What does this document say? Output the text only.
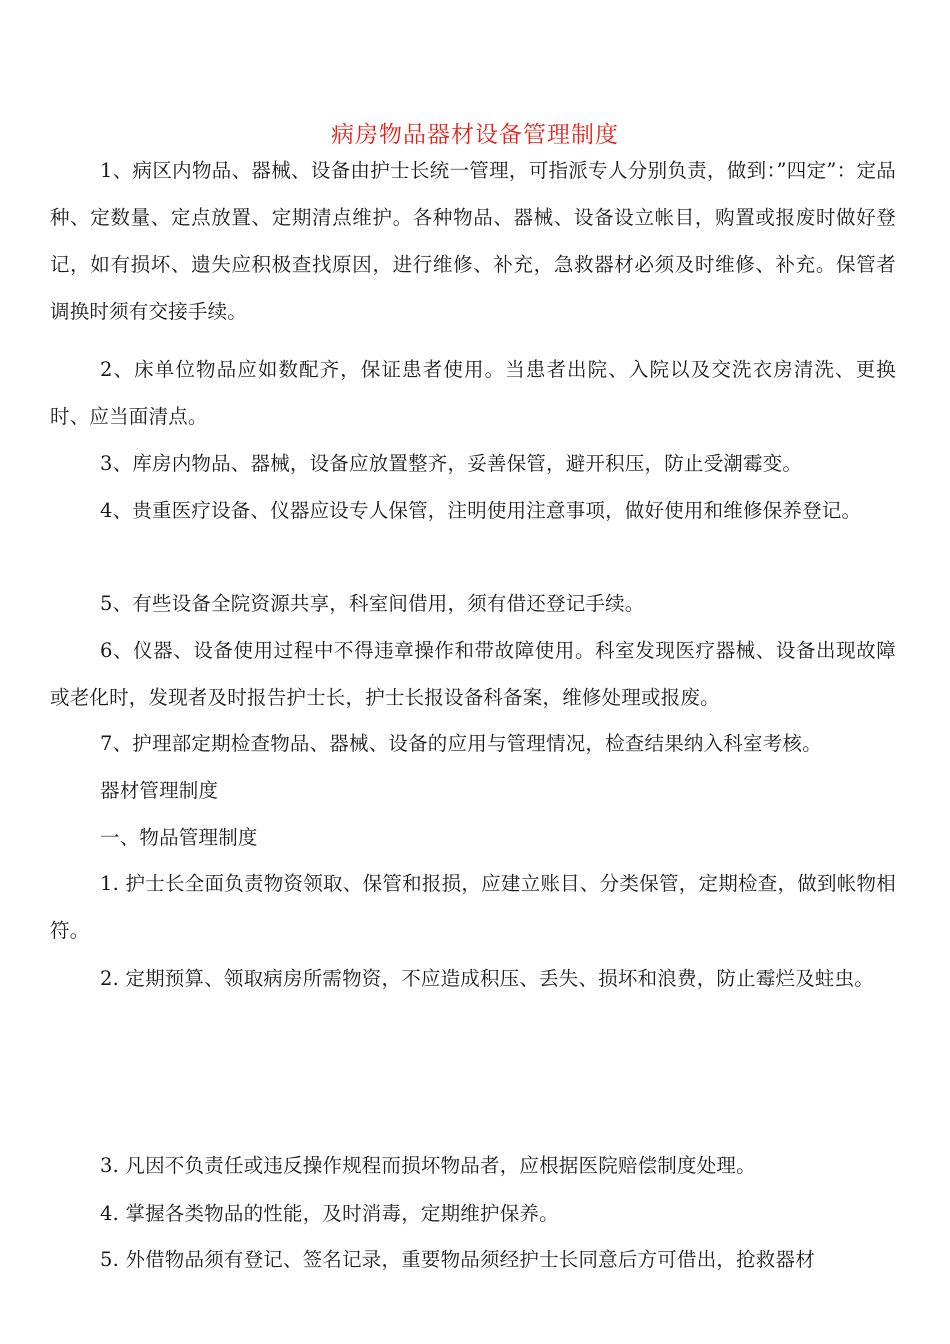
病房物品器材设备管理制度
1、病区内物品、器械、设备由护士长统一管理，可指派专人分别负责，做到：”四定”：定品种、定数量、定点放置、定期清点维护。各种物品、器械、设备设立帐目，购置或报废时做好登记，如有损坏、遗失应积极查找原因，进行维修、补充，急救器材必须及时维修、补充。保管者调换时须有交接手续。
2、床单位物品应如数配齐，保证患者使用。当患者出院、入院以及交洗衣房清洗、更换时、应当面清点。
3、库房内物品、器械，设备应放置整齐，妥善保管，避开积压，防止受潮霉变。
4、贵重医疗设备、仪器应设专人保管，注明使用注意事项，做好使用和维修保养登记。
5、有些设备全院资源共享，科室间借用，须有借还登记手续。
6、仪器、设备使用过程中不得违章操作和带故障使用。科室发现医疗器械、设备出现故障或老化时，发现者及时报告护士长，护士长报设备科备案，维修处理或报废。
7、护理部定期检查物品、器械、设备的应用与管理情况，检查结果纳入科室考核。
器材管理制度
一、物品管理制度
1. 护士长全面负责物资领取、保管和报损，应建立账目、分类保管，定期检查，做到帐物相符。
2. 定期预算、领取病房所需物资，不应造成积压、丢失、损坏和浪费，防止霉烂及蛀虫。
3. 凡因不负责任或违反操作规程而损坏物品者，应根据医院赔偿制度处理。
4. 掌握各类物品的性能，及时消毒，定期维护保养。
5. 外借物品须有登记、签名记录，重要物品须经护士长同意后方可借出，抢救器材
